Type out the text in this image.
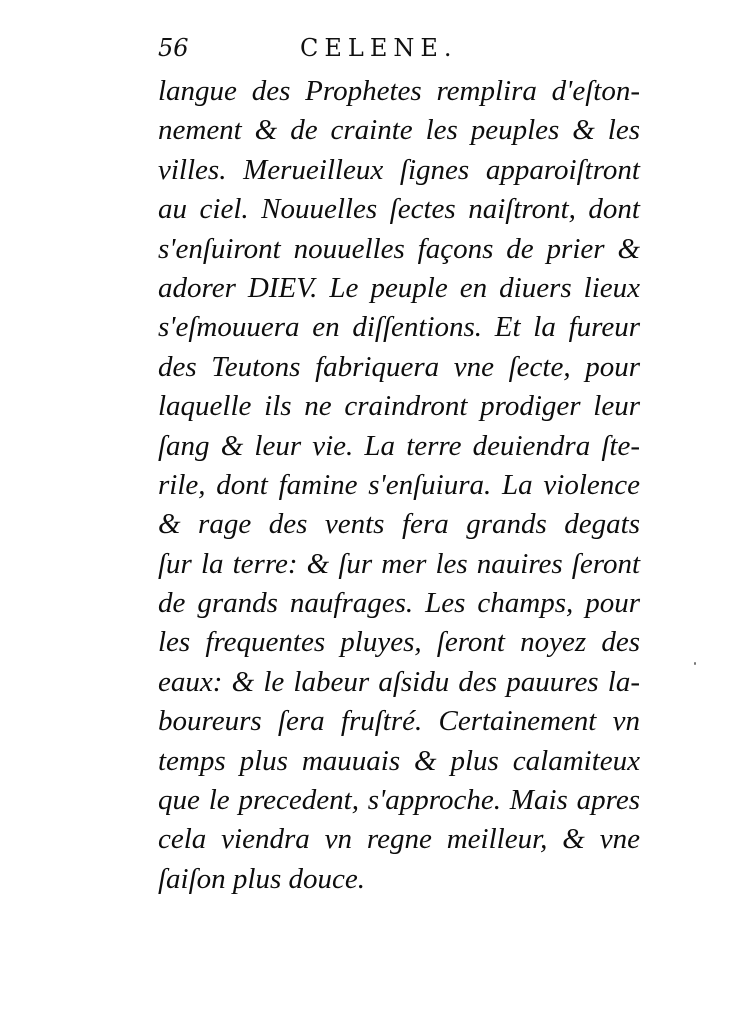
56	CELENE.
langue des Prophetes remplira d'eſton-
nement & de crainte les peuples & les
villes. Merueilleux ſignes apparoiſtront
au ciel. Nouuelles ſectes naiſtront, dont
s'enſuiront nouuelles façons de prier &
adorer DIEV. Le peuple en diuers lieux
s'eſmouuera en diſſentions. Et la fureur
des Teutons fabriquera vne ſecte, pour
laquelle ils ne craindront prodiger leur
ſang & leur vie. La terre deuiendra ſte-
rile, dont famine s'enſuiura. La violence
& rage des vents fera grands degats
ſur la terre: & ſur mer les nauires ſeront
de grands naufrages. Les champs, pour
les frequentes pluyes, ſeront noyez des
eaux: & le labeur aſsidu des pauures la-
boureurs ſera fruſtré. Certainement vn
temps plus mauuais & plus calamiteux
que le precedent, s'approche. Mais apres
cela viendra vn regne meilleur, & vne
ſaiſon plus douce.
